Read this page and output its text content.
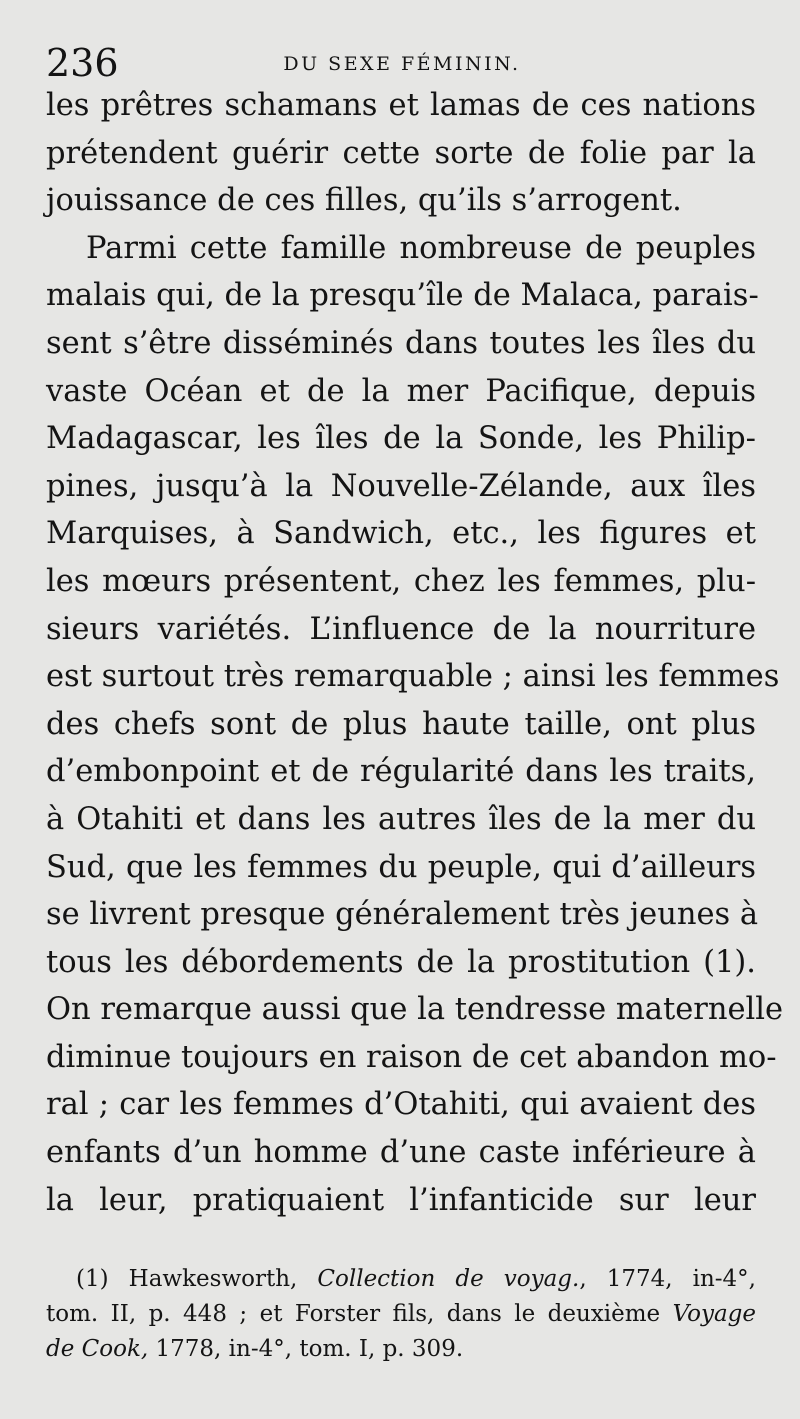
236	DU SEXE FÉMININ.
les prêtres schamans et lamas de ces nations
prétendent guérir cette sorte de folie par la
jouissance de ces filles, qu’ils s’arrogent.
Parmi cette famille nombreuse de peuples
malais qui, de la presqu’île de Malaca, parais-
sent s’être disséminés dans toutes les îles du
vaste Océan et de la mer Pacifique, depuis
Madagascar, les îles de la Sonde, les Philip-
pines, jusqu’à la Nouvelle-Zélande, aux îles
Marquises, à Sandwich, etc., les figures et
les mœurs présentent, chez les femmes, plu-
sieurs variétés. L’influence de la nourriture
est surtout très remarquable ; ainsi les femmes
des chefs sont de plus haute taille, ont plus
d’embonpoint et de régularité dans les traits,
à Otahiti et dans les autres îles de la mer du
Sud, que les femmes du peuple, qui d’ailleurs
se livrent presque généralement très jeunes à
tous les débordements de la prostitution (1).
On remarque aussi que la tendresse maternelle
diminue toujours en raison de cet abandon mo-
ral ; car les femmes d’Otahiti, qui avaient des
enfants d’un homme d’une caste inférieure à
la leur, pratiquaient l’infanticide sur leur
(1) Hawkesworth, Collection de voyag., 1774, in-4°,
tom. II, p. 448 ; et Forster fils, dans le deuxième Voyage
de Cook, 1778, in-4°, tom. I, p. 309.
